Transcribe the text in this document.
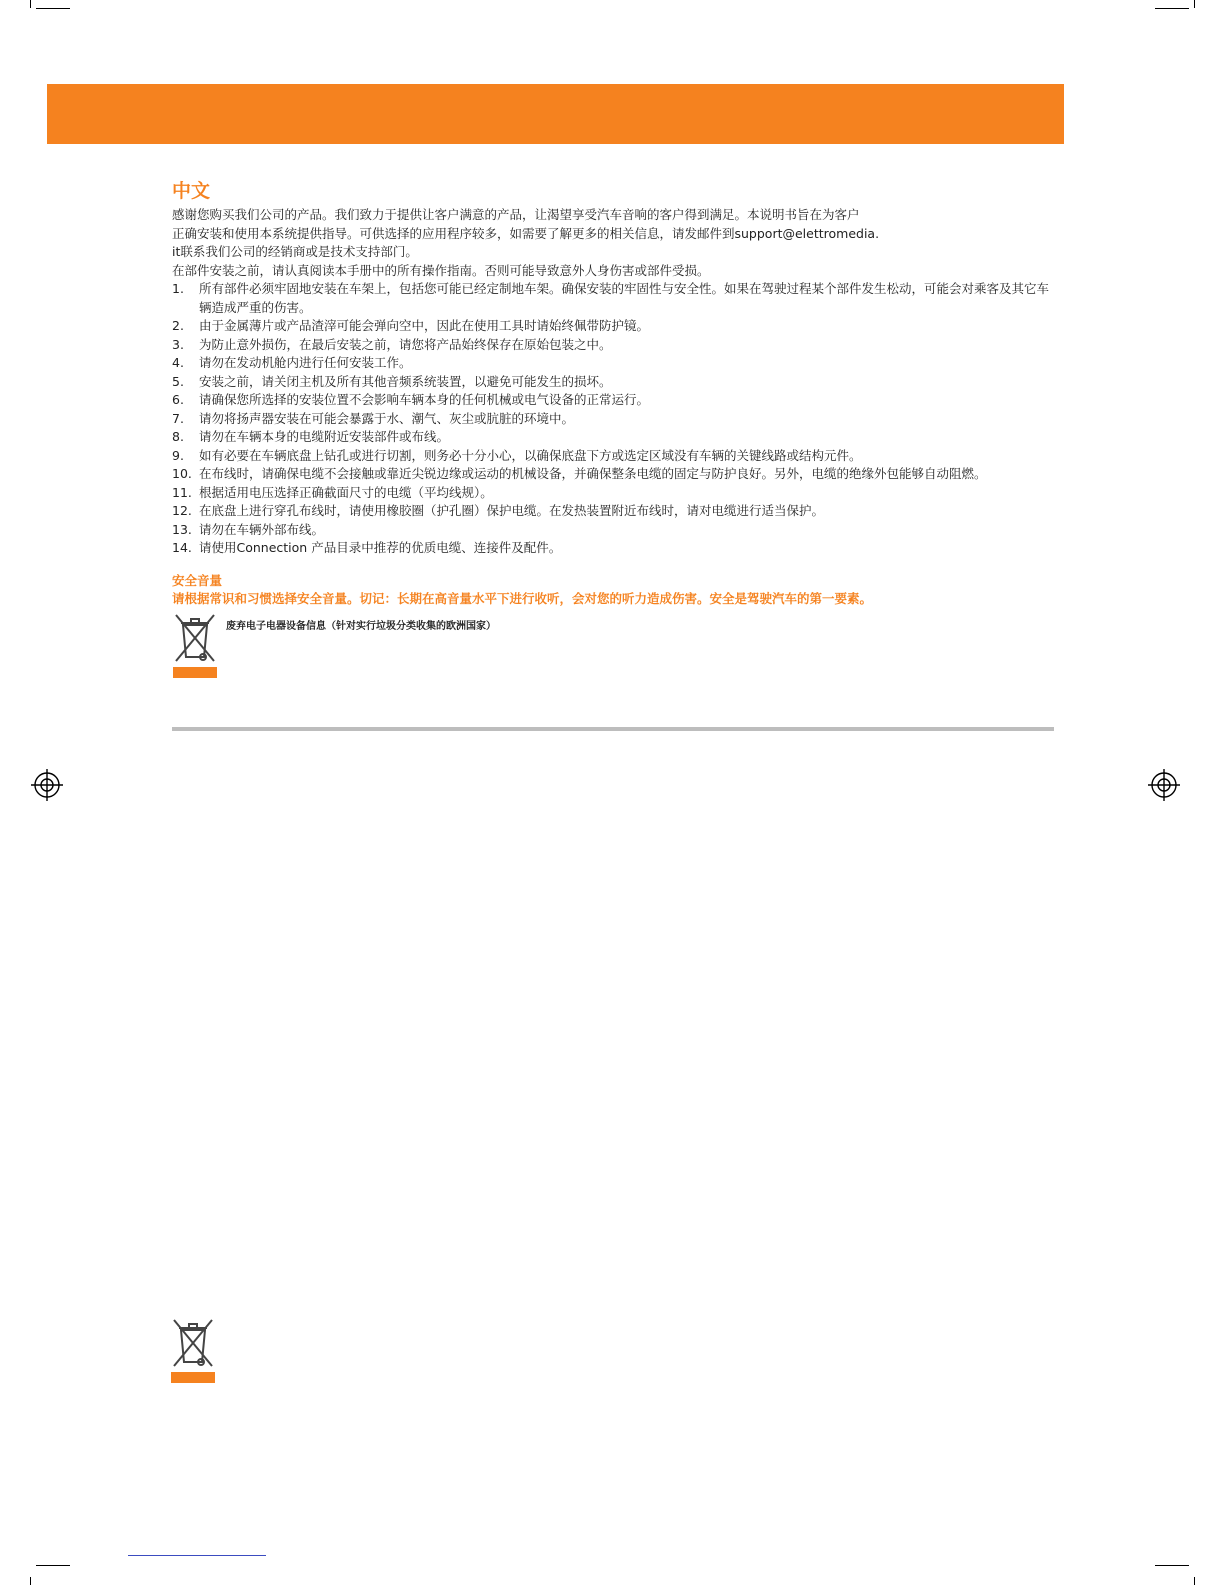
中文

感谢您购买我们公司的产品。我们致力于提供让客户满意的产品，让渴望享受汽车音响的客户得到满足。本说明书旨在为客户
正确安装和使用本系统提供指导。可供选择的应用程序较多，如需要了解更多的相关信息，请发邮件到support@elettromedia.
it联系我们公司的经销商或是技术支持部门。

在部件安装之前，请认真阅读本手册中的所有操作指南。否则可能导致意外人身伤害或部件受损。

1.	所有部件必须牢固地安装在车架上，包括您可能已经定制地车架。确保安装的牢固性与安全性。如果在驾驶过程某个部件发生松动，可能会对乘客及其它车辆造成严重的伤害。
2.	由于金属薄片或产品渣滓可能会弹向空中，因此在使用工具时请始终佩带防护镜。
3.	为防止意外损伤，在最后安装之前，请您将产品始终保存在原始包装之中。
4.	请勿在发动机舱内进行任何安装工作。
5.	安装之前，请关闭主机及所有其他音频系统装置，以避免可能发生的损坏。
6.	请确保您所选择的安装位置不会影响车辆本身的任何机械或电气设备的正常运行。
7.	请勿将扬声器安装在可能会暴露于水、潮气、灰尘或肮脏的环境中。
8.	请勿在车辆本身的电缆附近安装部件或布线。
9.	如有必要在车辆底盘上钻孔或进行切割，则务必十分小心，以确保底盘下方或选定区域没有车辆的关键线路或结构元件。
10. 在布线时，请确保电缆不会接触或靠近尖锐边缘或运动的机械设备，并确保整条电缆的固定与防护良好。另外，电缆的绝缘外包能够自动阻燃。
11. 根据适用电压选择正确截面尺寸的电缆（平均线规）。
12. 在底盘上进行穿孔布线时，请使用橡胶圈（护孔圈）保护电缆。在发热装置附近布线时，请对电缆进行适当保护。
13. 请勿在车辆外部布线。
14. 请使用Connection 产品目录中推荐的优质电缆、连接件及配件。
安全音量
请根据常识和习惯选择安全音量。切记：长期在高音量水平下进行收听，会对您的听力造成伤害。安全是驾驶汽车的第一要素。
废弃电子电器设备信息（针对实行垃圾分类收集的欧洲国家）
